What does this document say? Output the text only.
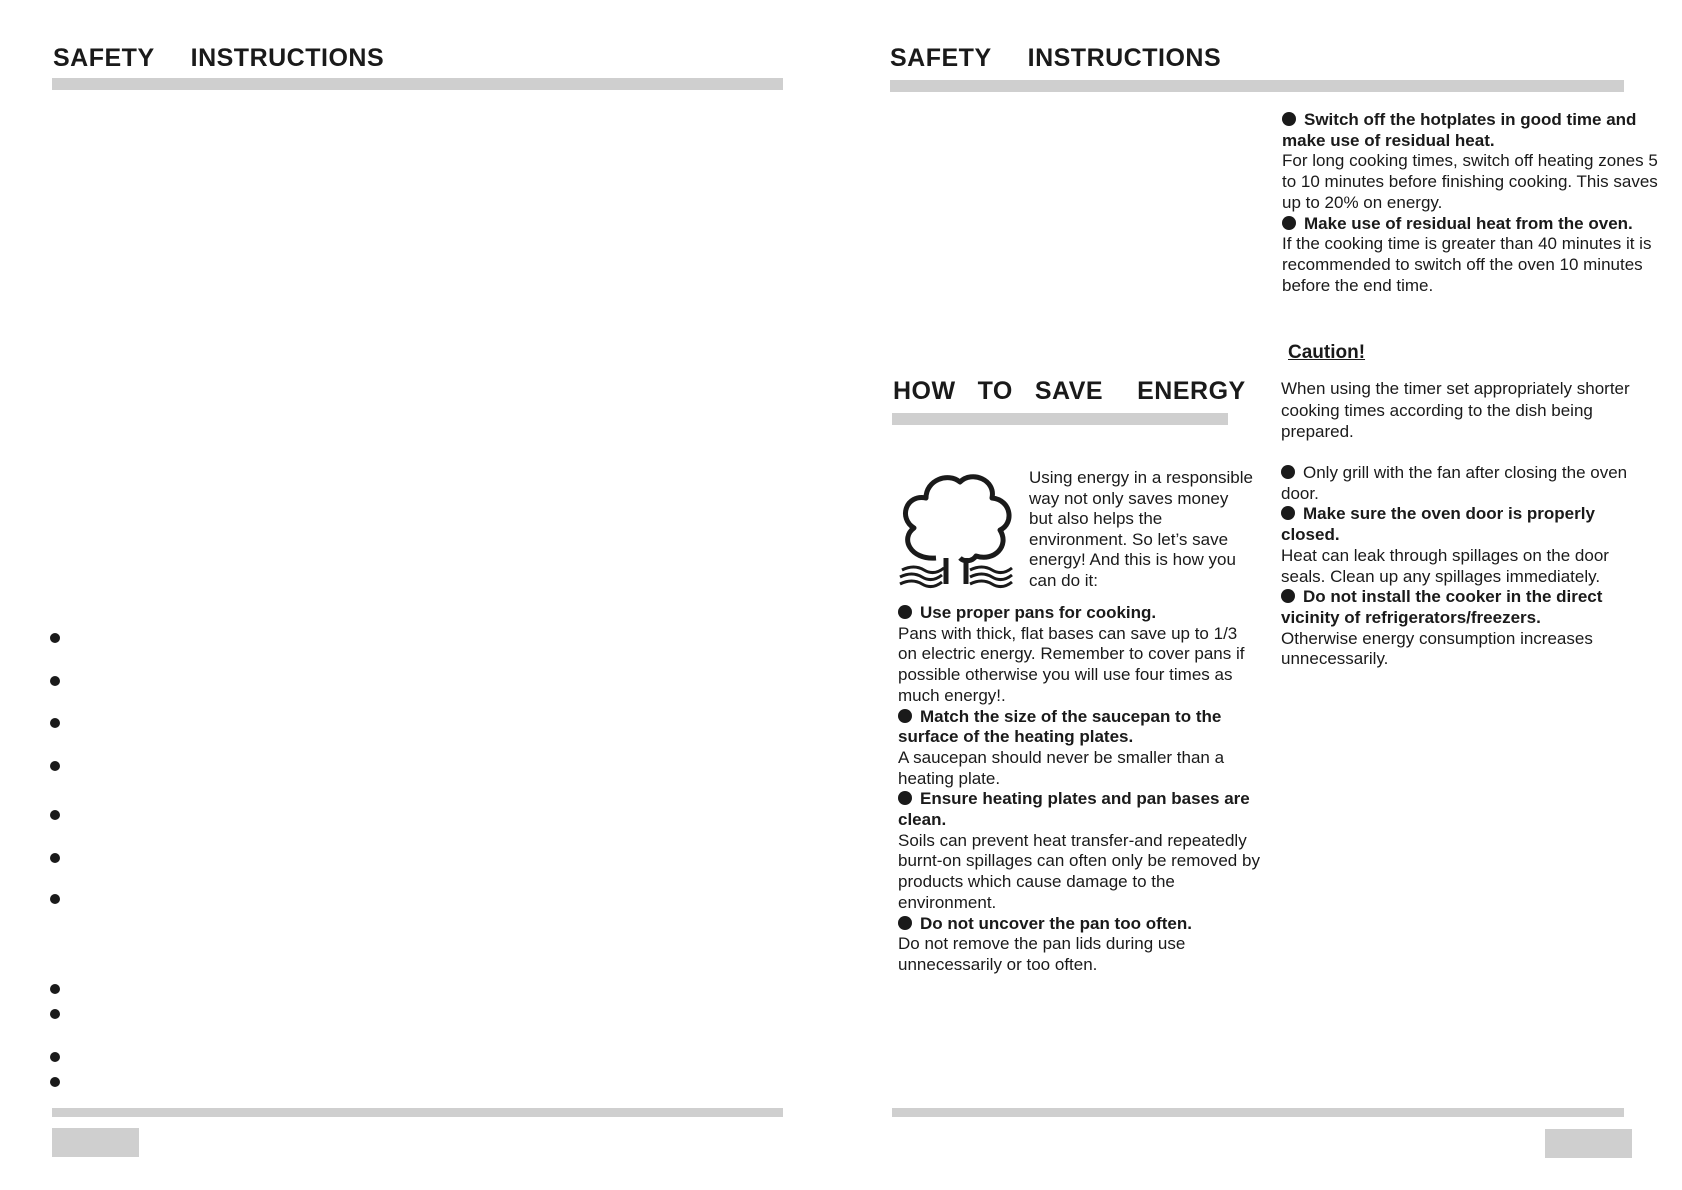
SAFETY INSTRUCTIONS	SAFETY INSTRUCTIONS
HOW TO SAVE ENERGY

Using energy in a responsible way not only saves money but also helps the environment. So let’s save energy! And this is how you can do it:

Use proper pans for cooking.

Pans with thick, flat bases can save up to 1/3 on electric energy. Remember to cover pans if possible otherwise you will use four times as much energy!.

Match the size of the saucepan to the surface of the heating plates.

A saucepan should never be smaller than a heating plate.

Ensure heating plates and pan bases are clean.

Soils can prevent heat transfer-and repeatedly burnt-on spillages can often only be removed by products which cause damage to the environment.

Do not uncover the pan too often.

Do not remove the pan lids during use unnecessarily or too often.

Switch off the hotplates in good time and make use of residual heat.

For long cooking times, switch off heating zones 5 to 10 minutes before finishing cooking. This saves up to 20% on energy.

Make use of residual heat from the oven.

If the cooking time is greater than 40 minutes it is recommended to switch off the oven 10 minutes before the end time.

Caution!

When using the timer set appropriately shorter cooking times according to the dish being prepared.

Only grill with the fan after closing the oven door.

Make sure the oven door is properly closed.

Heat can leak through spillages on the door seals. Clean up any spillages immediately.

Do not install the cooker in the direct vicinity of refrigerators/freezers.

Otherwise energy consumption increases unnecessarily.
